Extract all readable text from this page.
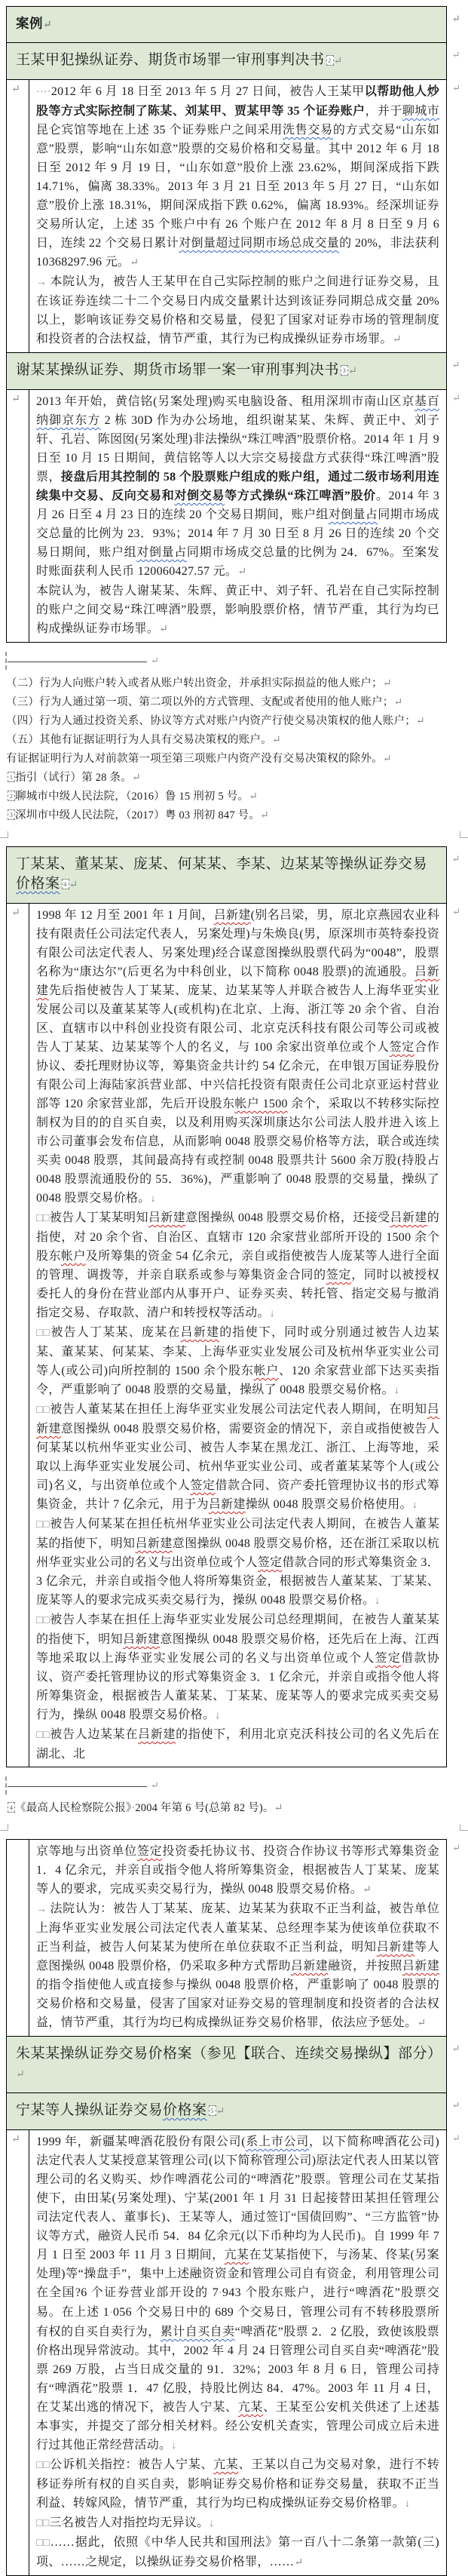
案例↵
↵
王某甲犯操纵证券、期货市场罪一审刑事判决书 2 ↵
↵
↵	····2012 年 6 月 18 日至 2013 年 5 月 27 日间，被告人王某甲以帮助他人炒股等方式实际控制了陈某、刘某甲、贾某甲等 35 个证券账户，并于聊城市昆仑宾馆等地在上述 35 个证券账户之间采用洗售交易的方式交易“山东如意”股票，影响“山东如意”股票的交易价格和交易量。其中 2012 年 6 月 18 日至 2012 年 9 月 19 日，“山东如意”股价上涨 23.62%，期间深成指下跌 14.71%，偏离 38.33%。2013 年 3 月 21 日至 2013 年 5 月 27 日，“山东如意”股价上涨 18.31%，期间深成指下跌 0.62%，偏离 18.93%。经深圳证券交易所认定，上述 35 个账户中有 26 个账户在 2012 年 8 月 8 日至 9 月 6 日，连续 22 个交易日累计对倒量超过同期市场总成交量的 20%，非法获利 10368297.96 元。↵
→ 本院认为，被告人王某甲在自己实际控制的账户之间进行证券交易，且在该证券连续二十二个交易日内成交量累计达到该证券同期总成交量 20%以上，影响该证券交易价格和交易量，侵犯了国家对证券市场的管理制度和投资者的合法权益，情节严重，其行为已构成操纵证券市场罪。↵
↵
谢某某操纵证券、期货市场罪一案一审刑事判决书 3 ↵
↵
↵	2013 年开始，黄信铭(另案处理)购买电脑设备、租用深圳市南山区京基百纳御京东方 2 栋 30D 作为办公场地，组织谢某某、朱辉、黄正中、刘子轩、孔岩、陈囡囡(另案处理)非法操纵“珠江啤酒”股票价格。2014 年 1 月 9 日至 10 月 15 日期间，黄信铭等人以大宗交易接盘方式获得“珠江啤酒”股票，接盘后用其控制的 58 个股票账户组成的账户组，通过二级市场利用连续集中交易、反向交易和对倒交易等方式操纵“珠江啤酒”股价。2014 年 3 月 26 日至 4 月 23 日的连续 20 个交易日期间，账户组对倒量占同期市场成交总量的比例为 23．93%；2014 年 7 月 30 日至 8 月 26 日的连续 20 个交易日期间，账户组对倒量占同期市场成交总量的比例为 24．67%。至案发时账面获利人民币 120060427.57 元。↵
本院认为，被告人谢某某、朱辉、黄正中、刘子轩、孔岩在自己实际控制的账户之间交易“珠江啤酒”股票，影响股票价格，情节严重，其行为均已构成操纵证券市场罪。↵
↵
↵
（二）行为人向账户转入或者从账户转出资金，并承担实际损益的他人账户；↵
（三）行为人通过第一项、第二项以外的方式管理、支配或者使用的他人账户；↵
（四）行为人通过投资关系、协议等方式对账户内资产行使交易决策权的他人账户；↵
（五）其他有证据证明行为人具有交易决策权的账户。↵
有证据证明行为人对前款第一项至第三项账户内资产没有交易决策权的除外。↵
1 指引（试行）第 28 条。↵
2 聊城市中级人民法院，（2016）鲁 15 刑初 5 号。↵
3 深圳市中级人民法院，（2017）粤 03 刑初 847 号。↵
丁某某、董某某、庞某、何某某、李某、边某某等操纵证券交易价格案 4 ↵
↵
↵	1998 年 12 月至 2001 年 1 月间，吕新建(别名吕梁，男，原北京燕园农业科技有限责任公司法定代表人，另案处理)与朱焕良(男，原深圳市英特泰投资有限公司法定代表人、另案处理)经合谋意图操纵股票代码为“0048”，股票名称为“康达尔”(后更名为中科创业，以下简称 0048 股票)的流通股。吕新建先后指使被告人丁某某、庞某、边某某等人并联合被告人上海华亚实业发展公司以及董某某等人(或机构)在北京、上海、浙江等 20 余个省、自治区、直辖市以中科创业投资有限公司、北京克沃科技有限公司等公司或被告人丁某某、边某某等个人的名义，与 100 余家出资单位或个人签定合作协议、委托理财协议等，筹集资金共计约 54 亿余元，在申银万国证券股份有限公司上海陆家浜营业部、中兴信托投资有限责任公司北京亚运村营业部等 120 余家营业部，先后开设股东帐户 1500 余个，采取以不转移实际控制权为目的的自买自卖，以及利用购买深圳康达尔公司法人股并进入该上市公司董事会发布信息，从而影响 0048 股票交易价格等方法，联合或连续买卖 0048 股票，其间最高持有或控制 0048 股票共计 5600 余万股(持股占 0048 股票流通股份的 55．36%)，严重影响了 0048 股票的交易量，操纵了 0048 股票交易价格。↓
□□被告人丁某某明知吕新建意图操纵 0048 股票交易价格，还接受吕新建的指使，对 20 余个省、自治区、直辖市 120 余家营业部所开设的 1500 余个股东帐户及所筹集的资金 54 亿余元，亲自或指使被告人庞某等人进行全面的管理、调拨等，并亲自联系或参与筹集资金合同的签定，同时以被授权委托人的身份在营业部内从事开户、证券买卖、转托管、指定交易与撤消指定交易、存取款、清户和转授权等活动。↓
□□被告人丁某某、庞某在吕新建的指使下，同时或分别通过被告人边某某、董某某、何某某、李某、上海华亚实业发展公司及杭州华亚实业公司等人(或公司)向所控制的 1500 余个股东帐户、120 余家营业部下达买卖指令，严重影响了 0048 股票的交易量，操纵了 0048 股票交易价格。↓
□□被告人董某某在担任上海华亚实业发展公司法定代表人期间，在明知吕新建意图操纵 0048 股票交易价格，需要资金的情况下，亲自或指使被告人何某某以杭州华亚实业公司、被告人李某在黑龙江、浙江、上海等地，采取以上海华亚实业发展公司、杭州华亚实业公司、或者董某某等个人(或公司)名义，与出资单位或个人签定借款合同、资产委托管理协议书的形式筹集资金，共计 7 亿余元，用于为吕新建操纵 0048 股票交易价格使用。↓
□□被告人何某某在担任杭州华亚实业公司法定代表人期间，在被告人董某某的指使下，明知吕新建意图操纵 0048 股票交易价格，还在浙江采取以杭州华亚实业公司的名义与出资单位或个人签定借款合同的形式筹集资金 3．3 亿余元，并亲自或指令他人将所筹集资金，根据被告人董某某、丁某某、庞某等人的要求完成买卖交易行为，操纵 0048 股票交易价格。↓
□□被告人李某在担任上海华亚实业发展公司总经理期间，在被告人董某某的指使下，明知吕新建意图操纵 0048 股票交易价格，还先后在上海、江西等地采取以上海华亚实业发展公司的名义与出资单位或个人签定借款协议、资产委托管理协议的形式筹集资金 3．1 亿余元，并亲自或指令他人将所筹集资金，根据被告人董某某、丁某某、庞某等人的要求完成买卖交易行为，操纵 0048 股票交易价格。↓
□□被告人边某某在吕新建的指使下，利用北京克沃科技公司的名义先后在湖北、北
↵
↵
4 《最高人民检察院公报》·2004 年第 6 号(总第 82 号)。↵
京等地与出资单位签定投资委托协议书、投资合作协议书等形式筹集资金 1．4 亿余元，并亲自或指令他人将所筹集资金，根据被告人丁某某、庞某等人的要求，完成买卖交易行为，操纵 0048 股票交易价格。↵
→ 法院认为：被告人丁某某、庞某、边某某为获取不正当利益，被告单位上海华亚实业发展公司法定代表人董某某、总经理李某为使该单位获取不正当利益，被告人何某某为使所在单位获取不正当利益，明知吕新建等人意图操纵 0048 股票价格，仍采取多种方式帮助吕新建融资，并按照吕新建的指令指使他人或直接参与操纵 0048 股票价格，严重影响了 0048 股票的交易价格和交易量，侵害了国家对证券交易的管理制度和投资者的合法权益，情节严重，其行为均已构成操纵证券交易价格罪，依法应予惩处。↵
↵
朱某某操纵证券交易价格案（参见【联合、连续交易操纵】部分）↵
↵
宁某等人操纵证券交易价格案 5 ↵
↵
↵	1999 年，新疆某啤酒花股份有限公司(系上市公司，以下简称啤酒花公司)法定代表人艾某授意某管理公司(以下简称管理公司)原法定代表人田某以管理公司的名义购买、炒作啤酒花公司的“啤酒花”股票。管理公司在艾某指使下，由田某(另案处理)、宁某(2001 年 1 月 31 日起接替田某担任管理公司法定代表人、董事长)、王某等人，通过签订“国债回购”、“三方监管”协议等方式，融资人民币 54．84 亿余元(以下币种均为人民币)。自 1999 年 7 月 1 日至 2003 年 11 月 3 日期间，亢某在艾某指使下，与汤某、佟某(另案处理)等“操盘手”，集中上述融资资金和管理公司自有资金，利用管理公司在全国?6 个证券营业部开设的 7·943 个股东账户，进行“啤酒花”股票交易。在上述 1·056 个交易日中的 689 个交易日，管理公司有不转移股票所有权的自买自卖行为，累计自买自卖“啤酒花”股票 2．2 亿股，致使该股票价格出现异常波动。其中，2002 年 4 月 24 日管理公司自买自卖“啤酒花”股票 269 万股，占当日成交量的 91．32%；2003 年 8 月 6 日，管理公司持有“啤酒花”股票 1．47 亿股，持股比例达 84．47%。2003 年 11 月 4 日，在艾某出逃的情况下，被告人宁某、亢某、王某至公安机关供述了上述基本事实，并提交了部分相关材料。经公安机关查实，管理公司成立后未进行过其他正常经营活动。↓
□□公诉机关指控：被告人宁某、亢某、王某以自己为交易对象，进行不转移证券所有权的自买自卖，影响证券交易价格和证券交易量，获取不正当利益、转嫁风险，情节严重，其行为均已构成操纵证券交易价格罪。↓
□□三名被告人对指控均无异议。↓
□□……据此，依照《中华人民共和国刑法》第一百八十二条第一款第(三)项、……之规定，以操纵证券交易价格罪，……↵
↵
